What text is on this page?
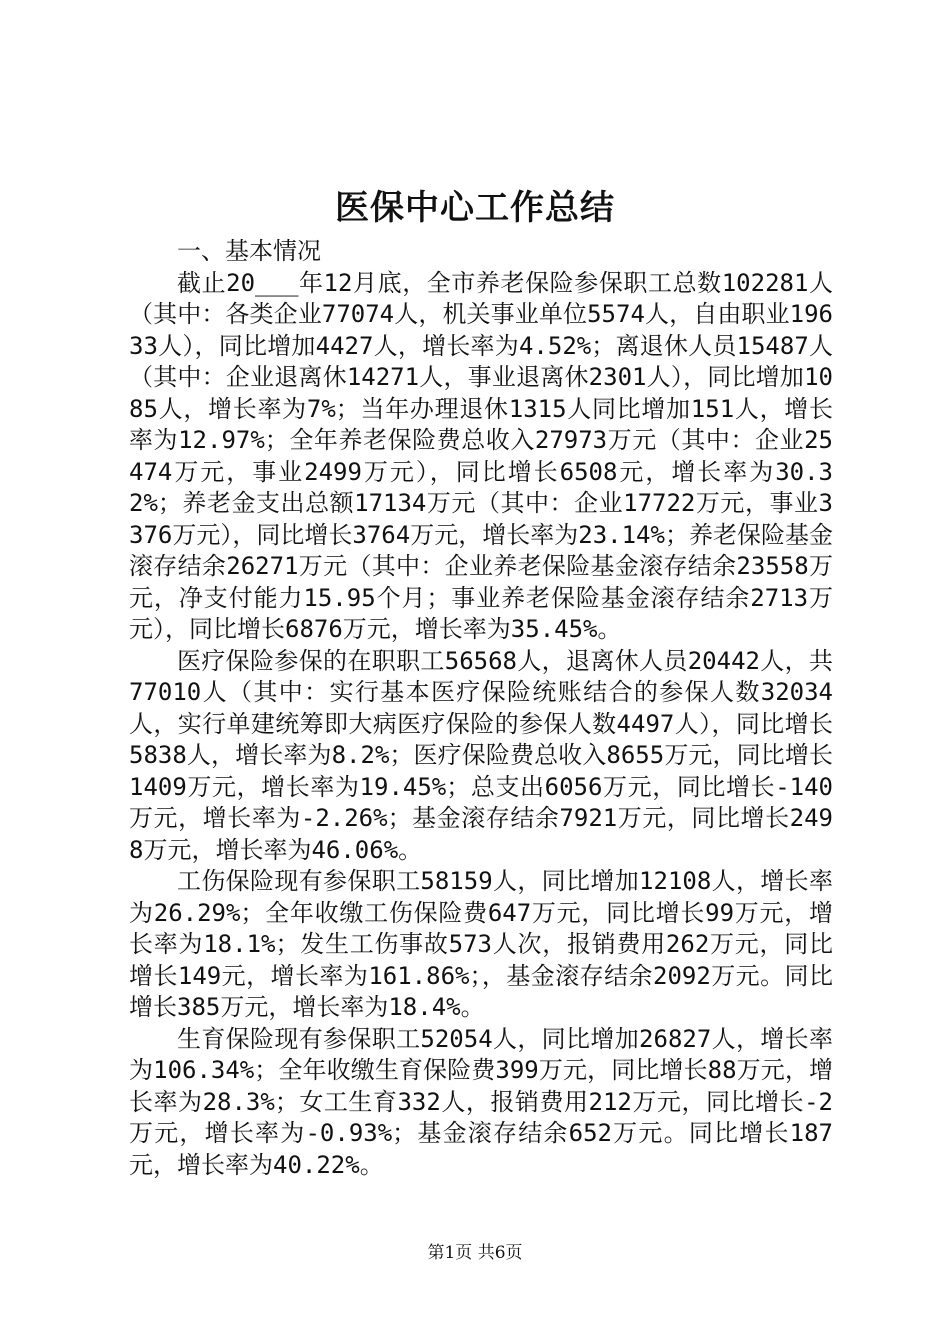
医保中心工作总结

一、基本情况

截止20___年12月底，全市养老保险参保职工总数102281人（其中：各类企业77074人，机关事业单位5574人，自由职业19633人），同比增加4427人，增长率为4.52%；离退休人员15487人（其中：企业退离休14271人，事业退离休2301人），同比增加1085人，增长率为7%；当年办理退休1315人同比增加151人，增长率为12.97%；全年养老保险费总收入27973万元（其中：企业25474万元，事业2499万元），同比增长6508元，增长率为30.32%；养老金支出总额17134万元（其中：企业17722万元，事业3376万元），同比增长3764万元，增长率为23.14%；养老保险基金滚存结余26271万元（其中：企业养老保险基金滚存结余23558万元，净支付能力15.95个月；事业养老保险基金滚存结余2713万元），同比增长6876万元，增长率为35.45%。

医疗保险参保的在职职工56568人，退离休人员20442人，共77010人（其中：实行基本医疗保险统账结合的参保人数32034人，实行单建统筹即大病医疗保险的参保人数4497人），同比增长5838人，增长率为8.2%；医疗保险费总收入8655万元，同比增长1409万元，增长率为19.45%；总支出6056万元，同比增长-140万元，增长率为-2.26%；基金滚存结余7921万元，同比增长2498万元，增长率为46.06%。

工伤保险现有参保职工58159人，同比增加12108人，增长率为26.29%；全年收缴工伤保险费647万元，同比增长99万元，增长率为18.1%；发生工伤事故573人次，报销费用262万元，同比增长149元，增长率为161.86%；，基金滚存结余2092万元。同比增长385万元，增长率为18.4%。

生育保险现有参保职工52054人，同比增加26827人，增长率为106.34%；全年收缴生育保险费399万元，同比增长88万元，增长率为28.3%；女工生育332人，报销费用212万元，同比增长-2万元，增长率为-0.93%；基金滚存结余652万元。同比增长187元，增长率为40.22%。

第1页 共6页
